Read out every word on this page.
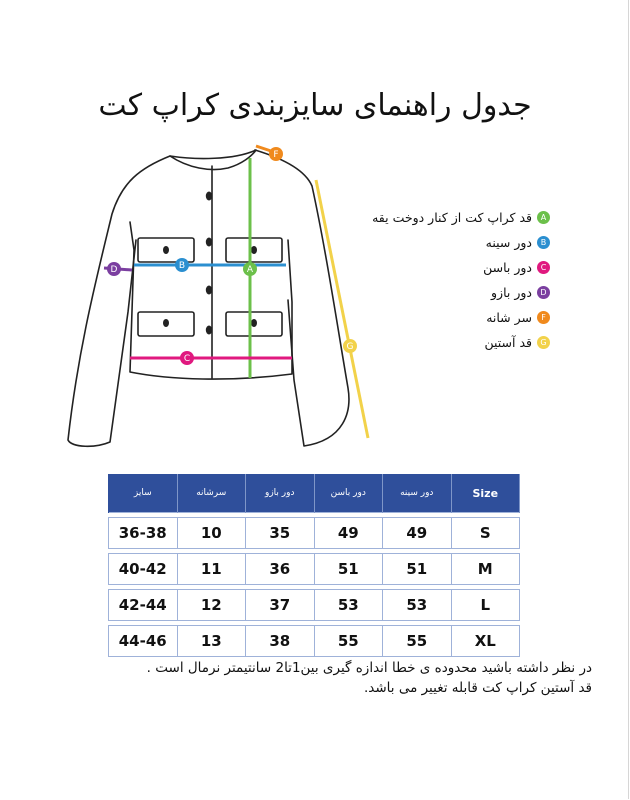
جدول راهنمای سایزبندی کراپ کت
A
B
C
D
F
G
A
قد کراپ کت از کنار دوخت یقه
B
دور سینه
C
دور باسن
D
دور بازو
F
سر شانه
G
قد آستین
سایز	سرشانه	دور بازو	دور باسن	دور سینه	Size

36-38	10	35	49	49	S

40-42	11	36	51	51	M

42-44	12	37	53	53	L

44-46	13	38	55	55	XL
در نظر داشته باشید محدوده ی خطا اندازه گیری بین1تا2 سانتیمتر نرمال است .
قد آستین کراپ کت قابله تغییر می باشد.
